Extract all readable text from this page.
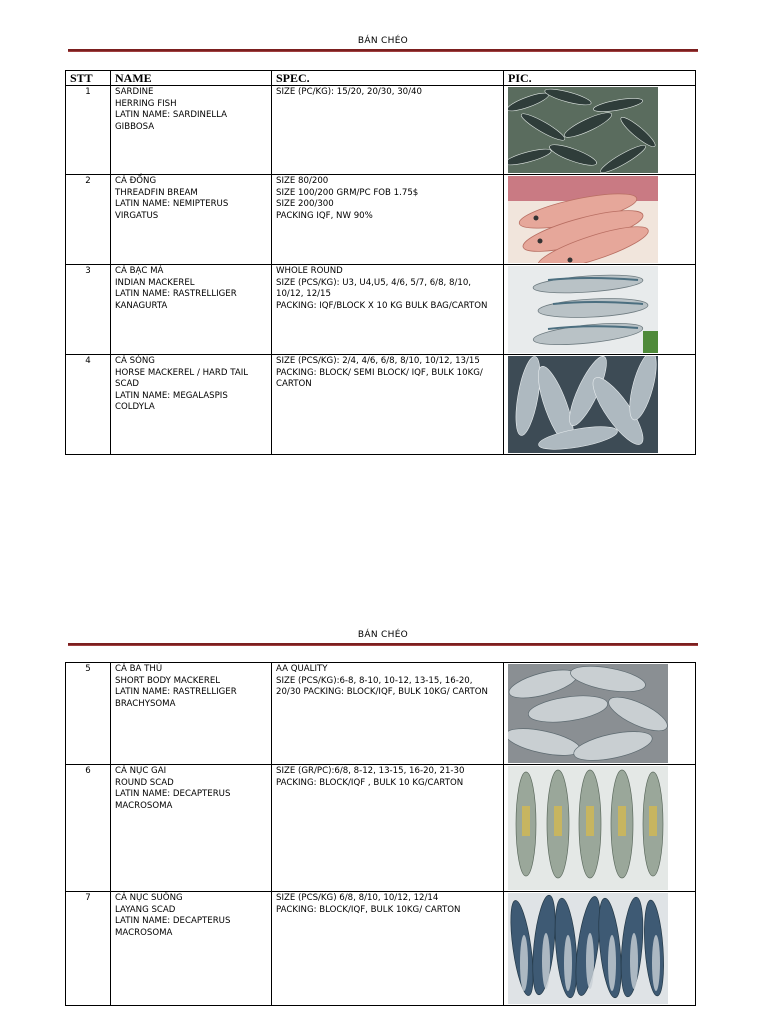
BÁN CHÉO
STT	NAME	SPEC.	PIC.
1	SARDINE
HERRING FISH
LATIN NAME: SARDINELLA
GIBBOSA	SIZE (PC/KG): 15/20, 20/30, 30/40

2	CÁ ĐỔNG
THREADFIN BREAM
LATIN NAME: NEMIPTERUS
VIRGATUS	SIZE 80/200
SIZE 100/200 GRM/PC FOB 1.75$
SIZE 200/300
PACKING IQF, NW 90%

3	CÁ BẠC MÁ
INDIAN MACKEREL
LATIN NAME: RASTRELLIGER
KANAGURTA	WHOLE ROUND
SIZE (PCS/KG): U3, U4,U5, 4/6, 5/7, 6/8, 8/10,
10/12, 12/15
PACKING: IQF/BLOCK X 10 KG BULK BAG/CARTON

4	CÁ SÒNG
HORSE MACKEREL / HARD TAIL
SCAD
LATIN NAME: MEGALASPIS
COLDYLA	SIZE (PCS/KG): 2/4, 4/6, 6/8, 8/10, 10/12, 13/15
PACKING: BLOCK/ SEMI BLOCK/ IQF, BULK 10KG/
CARTON

BÁN CHÉO
5	CÁ BA THÚ
SHORT BODY MACKEREL
LATIN NAME: RASTRELLIGER
BRACHYSOMA	AA QUALITY
SIZE (PCS/KG):6-8, 8-10, 10-12, 13-15, 16-20,
20/30 PACKING: BLOCK/IQF, BULK 10KG/ CARTON

6	CÁ NỤC GAI
ROUND SCAD
LATIN NAME: DECAPTERUS
MACROSOMA	SIZE (GR/PC):6/8, 8-12, 13-15, 16-20, 21-30
PACKING: BLOCK/IQF , BULK 10 KG/CARTON

7	CÁ NỤC SUÔNG
LAYANG SCAD
LATIN NAME: DECAPTERUS
MACROSOMA	SIZE (PCS/KG) 6/8, 8/10, 10/12, 12/14
PACKING: BLOCK/IQF, BULK 10KG/ CARTON
